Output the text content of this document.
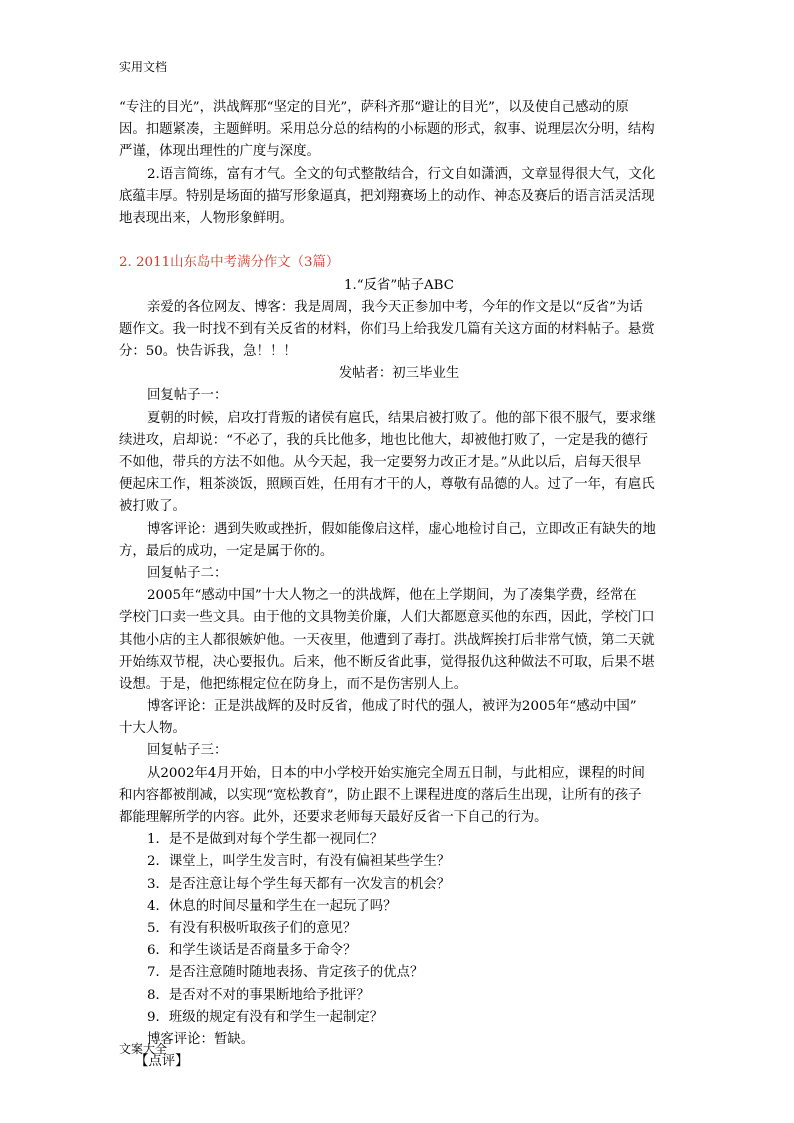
实用文档
“专注的目光”，洪战辉那“坚定的目光”，萨科齐那“避让的目光”，以及使自己感动的原
因。扣题紧凑，主题鲜明。采用总分总的结构的小标题的形式，叙事、说理层次分明，结构
严谨，体现出理性的广度与深度。
2.语言简练，富有才气。全文的句式整散结合，行文自如潇洒，文章显得很大气，文化
底蕴丰厚。特别是场面的描写形象逼真，把刘翔赛场上的动作、神态及赛后的语言活灵活现
地表现出来，人物形象鲜明。
2. 2011山东岛中考满分作文（3篇）
1.“反省”帖子ABC
亲爱的各位网友、博客：我是周周，我今天正参加中考，今年的作文是以“反省”为话
题作文。我一时找不到有关反省的材料，你们马上给我发几篇有关这方面的材料帖子。悬赏
分：50。快告诉我，急！！！
发帖者：初三毕业生
回复帖子一：
夏朝的时候，启攻打背叛的诸侯有扈氏，结果启被打败了。他的部下很不服气，要求继
续进攻，启却说：“不必了，我的兵比他多，地也比他大，却被他打败了，一定是我的德行
不如他，带兵的方法不如他。从今天起，我一定要努力改正才是。”从此以后，启每天很早
便起床工作，粗茶淡饭，照顾百姓，任用有才干的人，尊敬有品德的人。过了一年，有扈氏
被打败了。
博客评论：遇到失败或挫折，假如能像启这样，虚心地检讨自己，立即改正有缺失的地
方，最后的成功，一定是属于你的。
回复帖子二：
2005年“感动中国”十大人物之一的洪战辉，他在上学期间，为了凑集学费，经常在
学校门口卖一些文具。由于他的文具物美价廉，人们大都愿意买他的东西，因此，学校门口
其他小店的主人都很嫉妒他。一天夜里，他遭到了毒打。洪战辉挨打后非常气愤，第二天就
开始练双节棍，决心要报仇。后来，他不断反省此事，觉得报仇这种做法不可取，后果不堪
设想。于是，他把练棍定位在防身上，而不是伤害别人上。
博客评论：正是洪战辉的及时反省，他成了时代的强人，被评为2005年“感动中国”
十大人物。
回复帖子三：
从2002年4月开始，日本的中小学校开始实施完全周五日制，与此相应，课程的时间
和内容都被削减，以实现“宽松教育”，防止跟不上课程进度的落后生出现，让所有的孩子
都能理解所学的内容。此外，还要求老师每天最好反省一下自己的行为。
1．是不是做到对每个学生都一视同仁？
2．课堂上，叫学生发言时，有没有偏袒某些学生？
3．是否注意让每个学生每天都有一次发言的机会？
4．休息的时间尽量和学生在一起玩了吗？
5．有没有积极听取孩子们的意见？
6．和学生谈话是否商量多于命令？
7．是否注意随时随地表扬、肯定孩子的优点？
8．是否对不对的事果断地给予批评？
9．班级的规定有没有和学生一起制定？
博客评论：暂缺。
【点评】
文案大全
